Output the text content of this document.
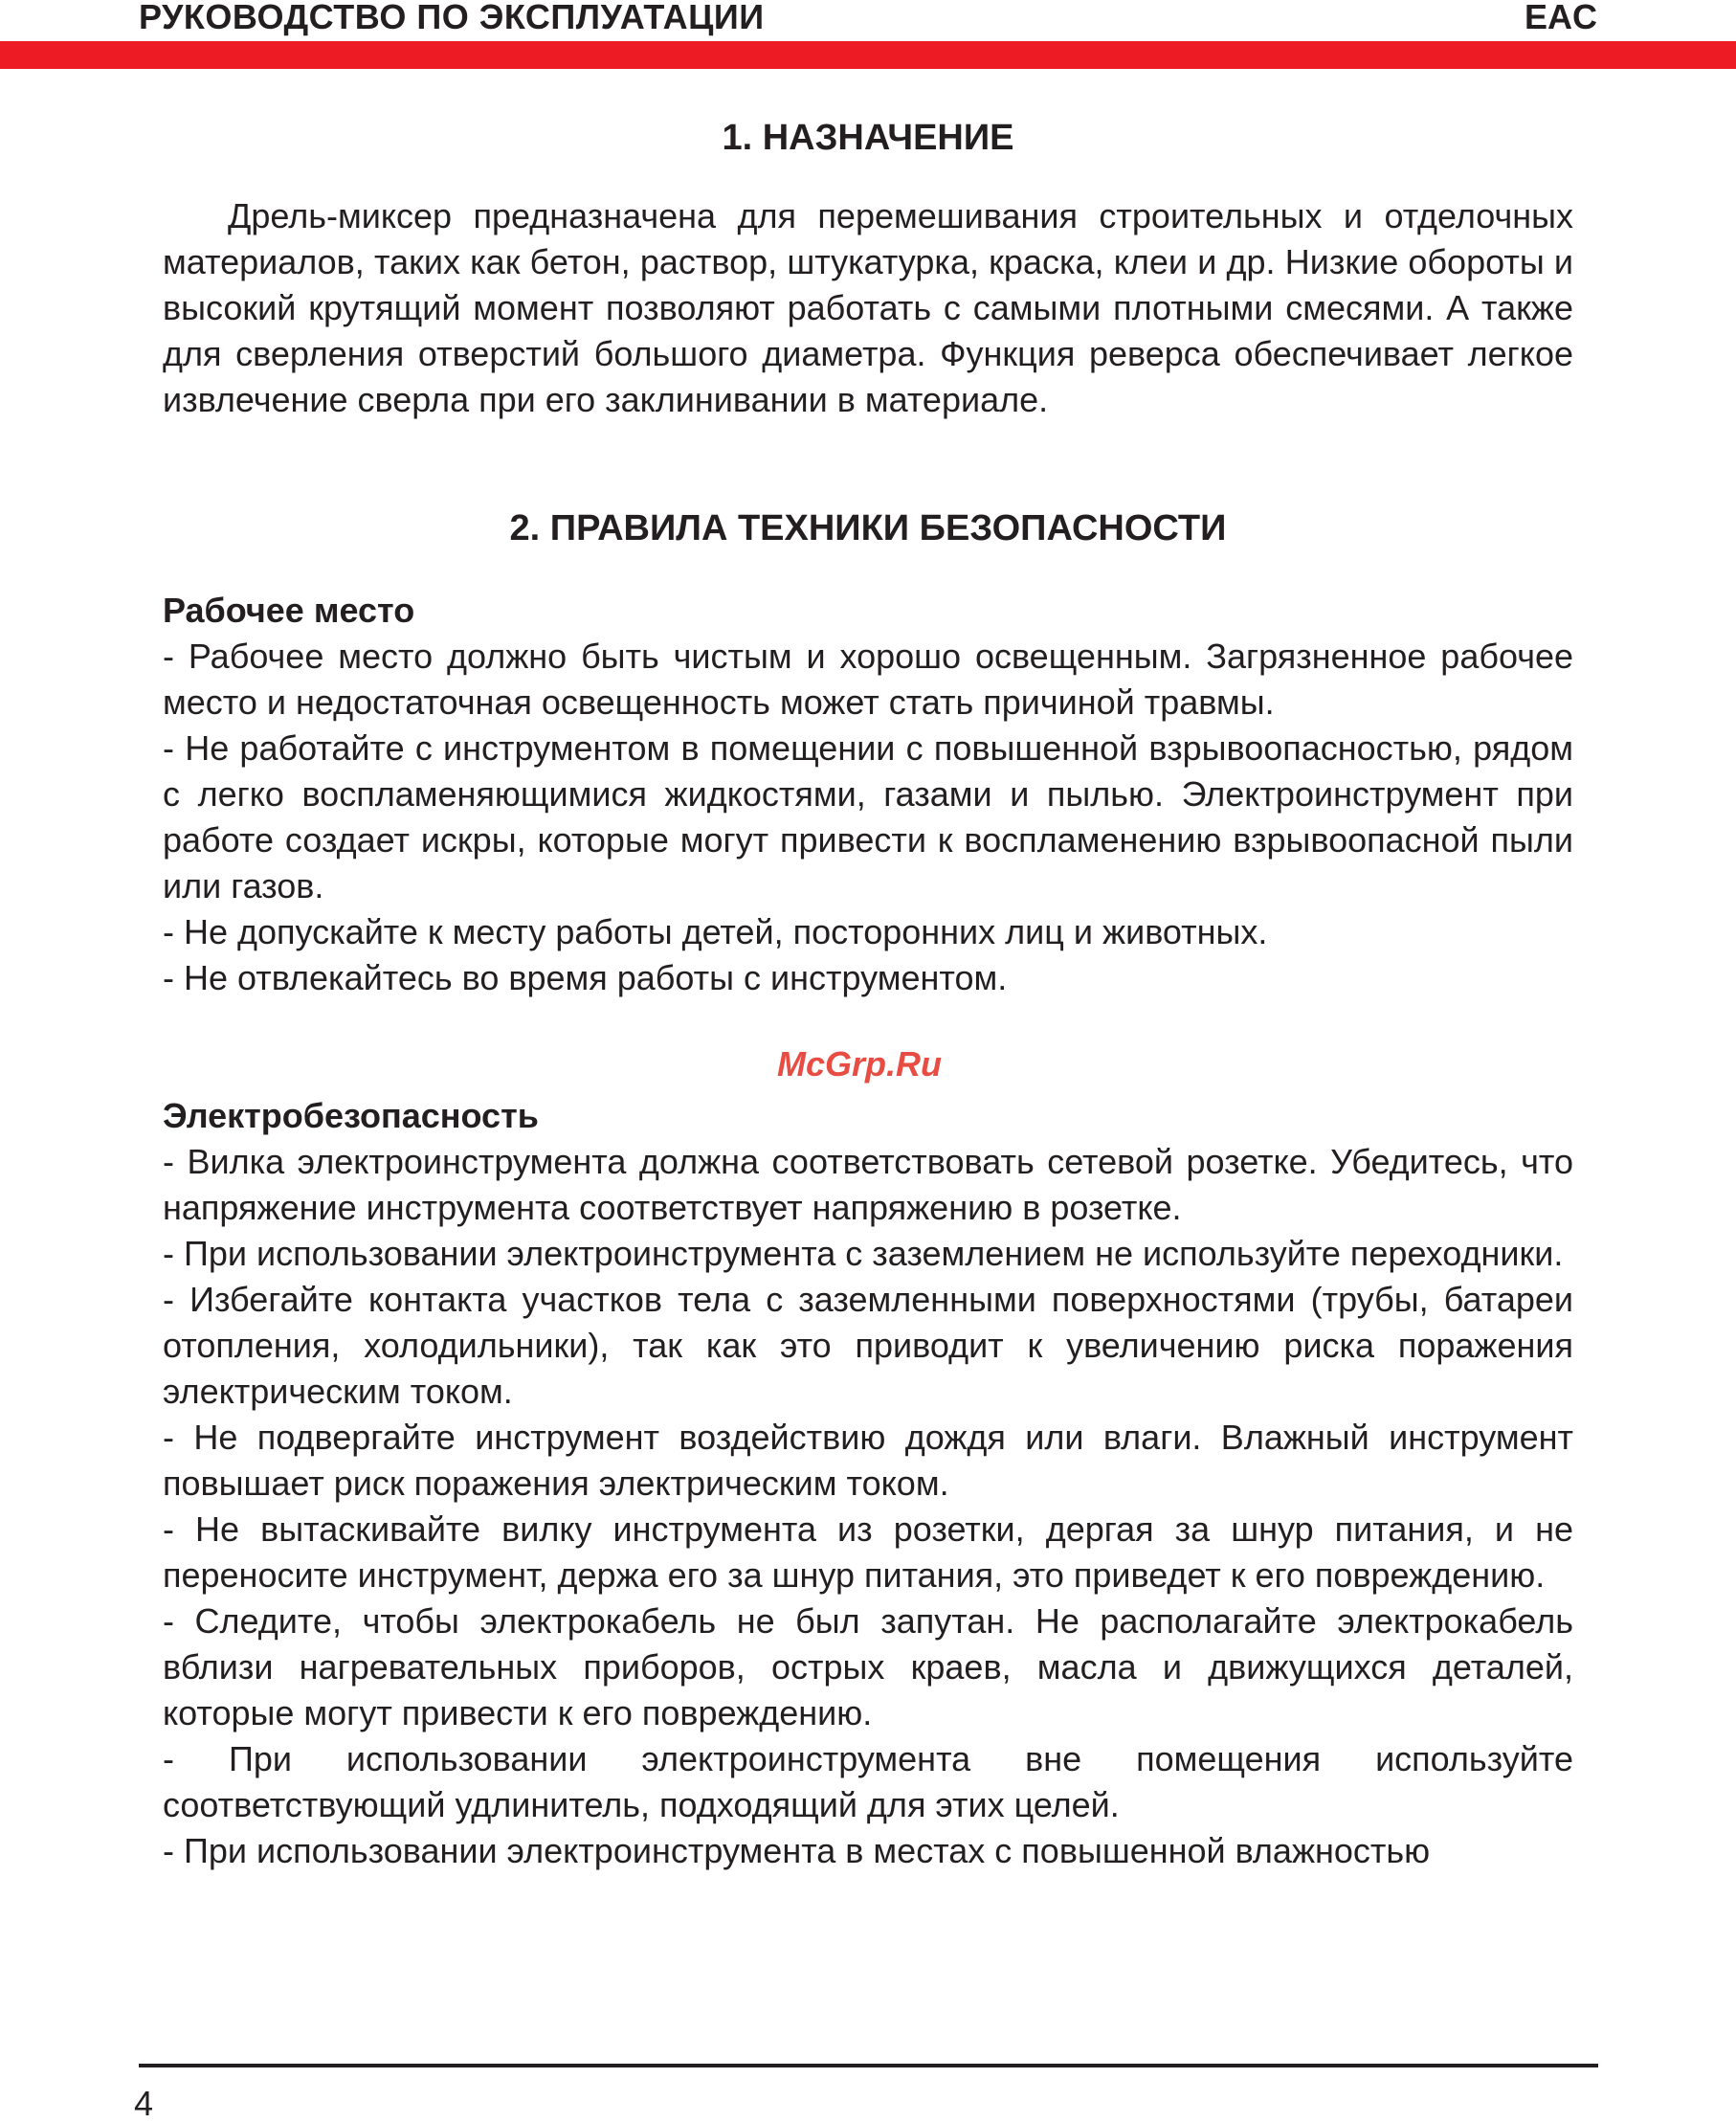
РУКОВОДСТВО ПО ЭКСПЛУАТАЦИИ	EAC
1. НАЗНАЧЕНИЕ

Дрель-миксер предназначена для перемешивания строительных и отделочных материалов, таких как бетон, раствор, штукатурка, краска, клеи и др. Низкие обороты и высокий крутящий момент позволяют работать с самыми плотными смесями. А также для сверления отверстий большого диаметра. Функция реверса обеспечивает легкое извлечение сверла при его заклинивании в материале.

2. ПРАВИЛА ТЕХНИКИ БЕЗОПАСНОСТИ

Рабочее место

- Рабочее место должно быть чистым и хорошо освещенным. Загрязненное рабочее место и недостаточная освещенность может стать причиной травмы.

- Не работайте с инструментом в помещении с повышенной взрывоопасностью, рядом с легко воспламеняющимися жидкостями, газами и пылью. Электроинструмент при работе создает искры, которые могут привести к воспламенению взрывоопасной пыли или газов.

- Не допускайте к месту работы детей, посторонних лиц и животных.

- Не отвлекайтесь во время работы с инструментом.

Электробезопасность

- Вилка электроинструмента должна соответствовать сетевой розетке. Убедитесь, что напряжение инструмента соответствует напряжению в розетке.

- При использовании электроинструмента с заземлением не используйте переходники.

- Избегайте контакта участков тела с заземленными поверхностями (трубы, батареи отопления, холодильники), так как это приводит к увеличению риска поражения электрическим током.

- Не подвергайте инструмент воздействию дождя или влаги. Влажный инструмент повышает риск поражения электрическим током.

- Не вытаскивайте вилку инструмента из розетки, дергая за шнур питания, и не переносите инструмент, держа его за шнур питания, это приведет к его повреждению.

- Следите, чтобы электрокабель не был запутан. Не располагайте электрокабель вблизи нагревательных приборов, острых краев, масла и движущихся деталей, которые могут привести к его повреждению.

- При использовании электроинструмента вне помещения используйте соответствующий удлинитель, подходящий для этих целей.

- При использовании электроинструмента в местах с повышенной влажностью

McGrp.Ru
4
